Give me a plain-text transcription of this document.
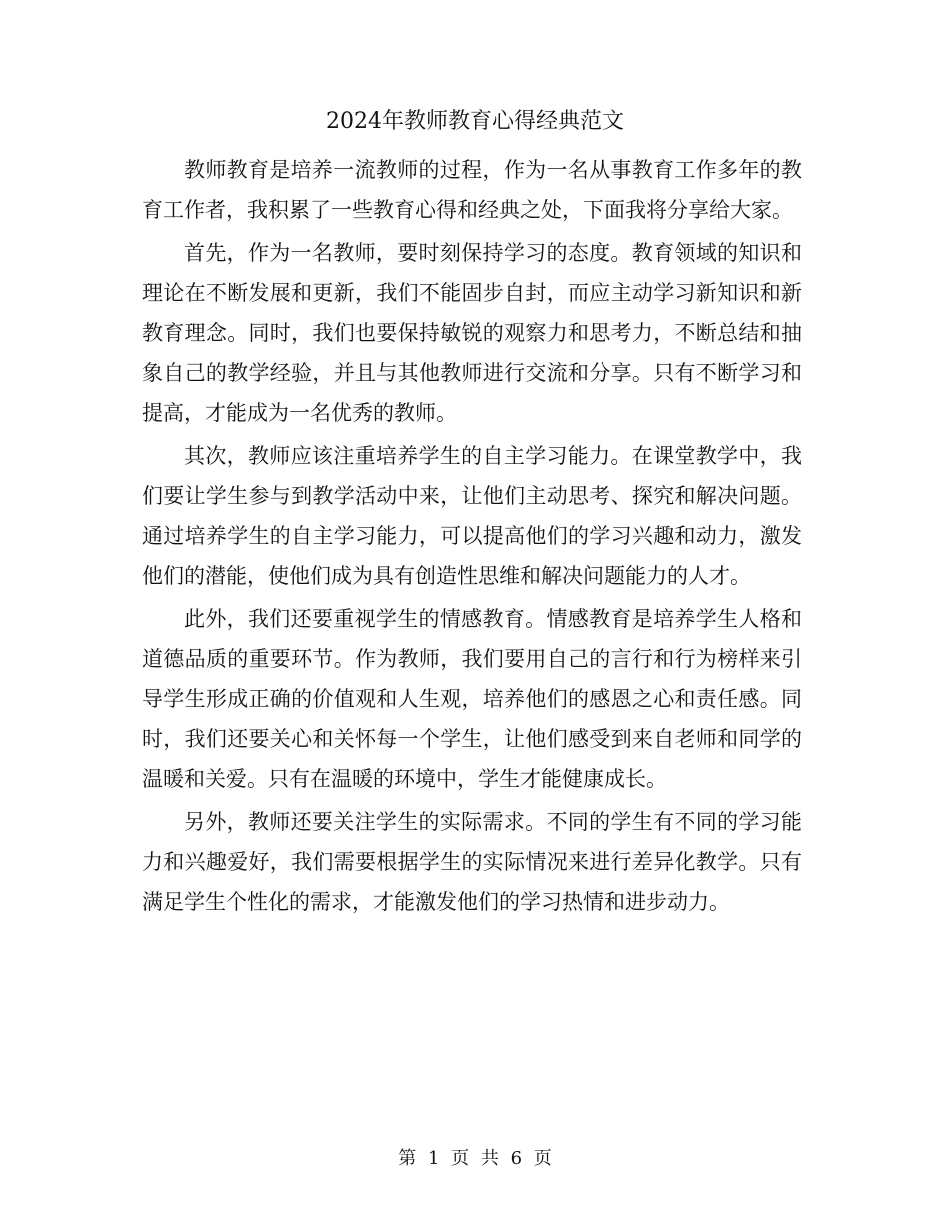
2024年教师教育心得经典范文

教师教育是培养一流教师的过程，作为一名从事教育工作多年的教育工作者，我积累了一些教育心得和经典之处，下面我将分享给大家。

首先，作为一名教师，要时刻保持学习的态度。教育领域的知识和理论在不断发展和更新，我们不能固步自封，而应主动学习新知识和新教育理念。同时，我们也要保持敏锐的观察力和思考力，不断总结和抽象自己的教学经验，并且与其他教师进行交流和分享。只有不断学习和提高，才能成为一名优秀的教师。

其次，教师应该注重培养学生的自主学习能力。在课堂教学中，我们要让学生参与到教学活动中来，让他们主动思考、探究和解决问题。通过培养学生的自主学习能力，可以提高他们的学习兴趣和动力，激发他们的潜能，使他们成为具有创造性思维和解决问题能力的人才。

此外，我们还要重视学生的情感教育。情感教育是培养学生人格和道德品质的重要环节。作为教师，我们要用自己的言行和行为榜样来引导学生形成正确的价值观和人生观，培养他们的感恩之心和责任感。同时，我们还要关心和关怀每一个学生，让他们感受到来自老师和同学的温暖和关爱。只有在温暖的环境中，学生才能健康成长。

另外，教师还要关注学生的实际需求。不同的学生有不同的学习能力和兴趣爱好，我们需要根据学生的实际情况来进行差异化教学。只有满足学生个性化的需求，才能激发他们的学习热情和进步动力。

第 1 页 共 6 页
